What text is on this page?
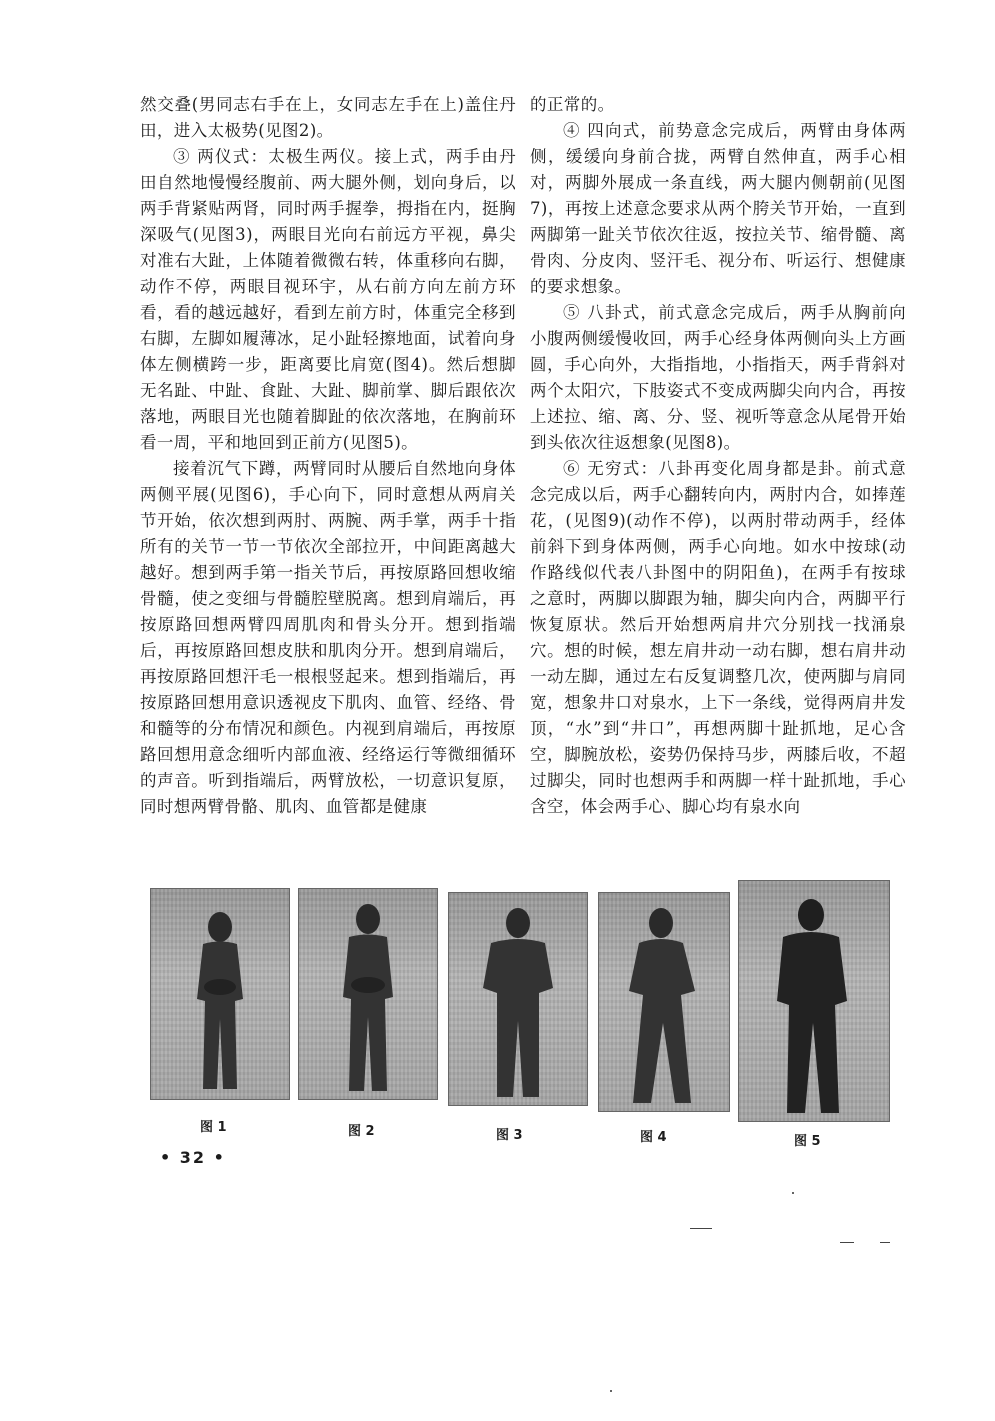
然交叠(男同志右手在上，女同志左手在上)盖住丹田，进入太极势(见图2)。

③ 两仪式：太极生两仪。接上式，两手由丹田自然地慢慢经腹前、两大腿外侧，划向身后，以两手背紧贴两肾，同时两手握拳，拇指在内，挺胸深吸气(见图3)，两眼目光向右前远方平视，鼻尖对准右大趾，上体随着微微右转，体重移向右脚，动作不停，两眼目视环宇，从右前方向左前方环看，看的越远越好，看到左前方时，体重完全移到右脚，左脚如履薄冰，足小趾轻擦地面，试着向身体左侧横跨一步，距离要比肩宽(图4)。然后想脚无名趾、中趾、食趾、大趾、脚前掌、脚后跟依次落地，两眼目光也随着脚趾的依次落地，在胸前环看一周，平和地回到正前方(见图5)。

接着沉气下蹲，两臂同时从腰后自然地向身体两侧平展(见图6)，手心向下，同时意想从两肩关节开始，依次想到两肘、两腕、两手掌，两手十指所有的关节一节一节依次全部拉开，中间距离越大越好。想到两手第一指关节后，再按原路回想收缩骨髓，使之变细与骨髓腔壁脱离。想到肩端后，再按原路回想两臂四周肌肉和骨头分开。想到指端后，再按原路回想皮肤和肌肉分开。想到肩端后，再按原路回想汗毛一根根竖起来。想到指端后，再按原路回想用意识透视皮下肌肉、血管、经络、骨和髓等的分布情况和颜色。内视到肩端后，再按原路回想用意念细听内部血液、经络运行等微细循环的声音。听到指端后，两臂放松，一切意识复原，同时想两臂骨骼、肌肉、血管都是健康

的正常的。

④ 四向式，前势意念完成后，两臂由身体两侧，缓缓向身前合拢，两臂自然伸直，两手心相对，两脚外展成一条直线，两大腿内侧朝前(见图7)，再按上述意念要求从两个胯关节开始，一直到两脚第一趾关节依次往返，按拉关节、缩骨髓、离骨肉、分皮肉、竖汗毛、视分布、听运行、想健康的要求想象。

⑤ 八卦式，前式意念完成后，两手从胸前向小腹两侧缓慢收回，两手心经身体两侧向头上方画圆，手心向外，大指指地，小指指天，两手背斜对两个太阳穴，下肢姿式不变成两脚尖向内合，再按上述拉、缩、离、分、竖、视听等意念从尾骨开始到头依次往返想象(见图8)。

⑥ 无穷式：八卦再变化周身都是卦。前式意念完成以后，两手心翻转向内，两肘内合，如捧莲花，(见图9)(动作不停)，以两肘带动两手，经体前斜下到身体两侧，两手心向地。如水中按球(动作路线似代表八卦图中的阴阳鱼)，在两手有按球之意时，两脚以脚跟为轴，脚尖向内合，两脚平行恢复原状。然后开始想两肩井穴分别找一找涌泉穴。想的时候，想左肩井动一动右脚，想右肩井动一动左脚，通过左右反复调整几次，使两脚与肩同宽，想象井口对泉水，上下一条线，觉得两肩井发顶，“水”到“井口”，再想两脚十趾抓地，足心含空，脚腕放松，姿势仍保持马步，两膝后收，不超过脚尖，同时也想两手和两脚一样十趾抓地，手心含空，体会两手心、脚心均有泉水向

图 1	图 2	图 3	图 4	图 5
• 32 •
